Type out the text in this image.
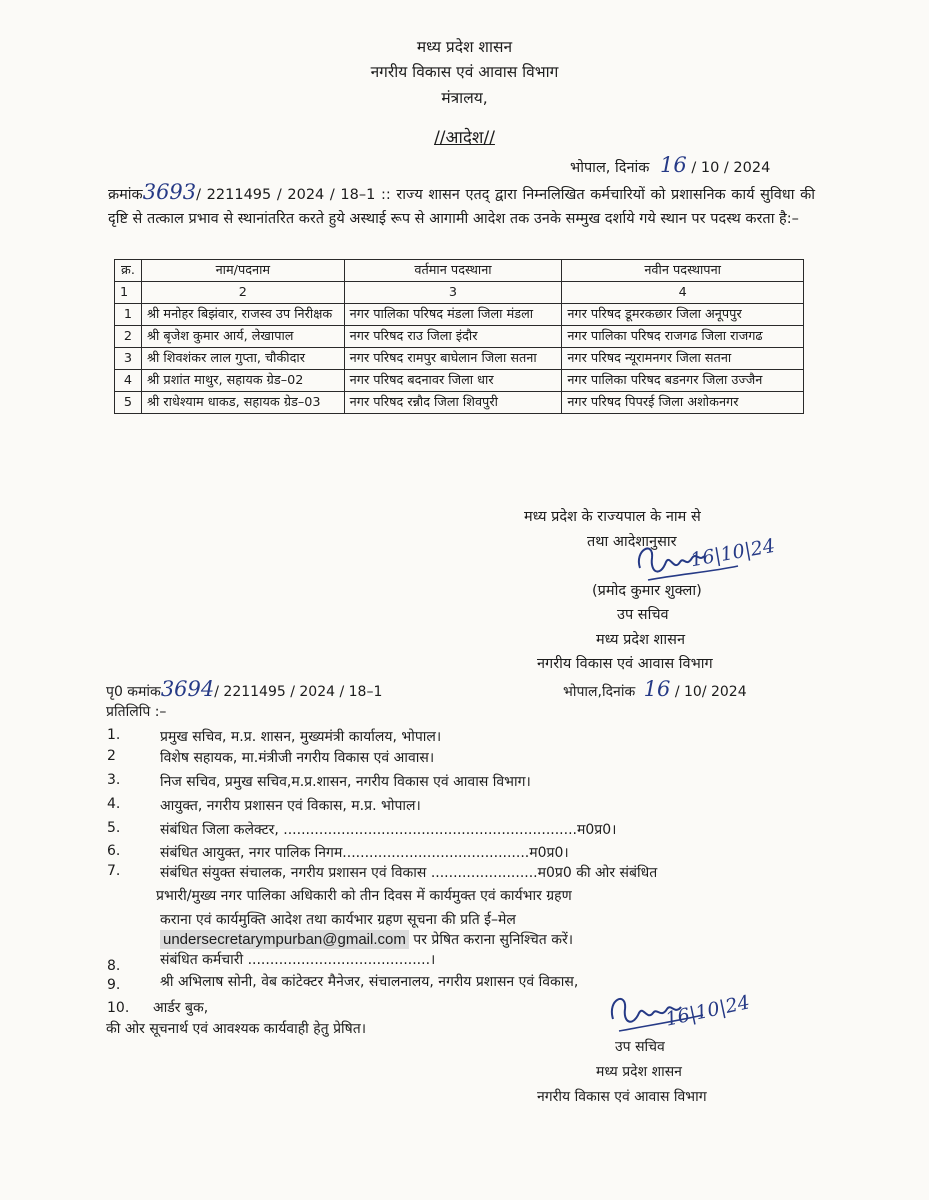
मध्य प्रदेश शासन
नगरीय विकास एवं आवास विभाग
मंत्रालय,
//आदेश//
भोपाल, दिनांक 16 / 10 / 2024
क्रमांक3693/ 2211495 / 2024 / 18–1 :: राज्य शासन एतद् द्वारा निम्नलिखित कर्मचारियों को प्रशासनिक कार्य सुविधा की दृष्टि से तत्काल प्रभाव से स्थानांतरित करते हुये अस्थाई रूप से आगामी आदेश तक उनके सम्मुख दर्शाये गये स्थान पर पदस्थ करता है:–
क्र.	नाम/पदनाम	वर्तमान पदस्थाना	नवीन पदस्थापना
1	2	3	4
1	श्री मनोहर बिझंवार, राजस्व उप निरीक्षक	नगर पालिका परिषद मंडला जिला मंडला	नगर परिषद डूमरकछार जिला अनूपपुर
2	श्री बृजेश कुमार आर्य, लेखापाल	नगर परिषद राउ जिला इंदौर	नगर पालिका परिषद राजगढ जिला राजगढ
3	श्री शिवशंकर लाल गुप्ता, चौकीदार	नगर परिषद रामपुर बाघेलान जिला सतना	नगर परिषद न्यूरामनगर जिला सतना
4	श्री प्रशांत माथुर, सहायक ग्रेड–02	नगर परिषद बदनावर जिला धार	नगर पालिका परिषद बडनगर जिला उज्जैन
5	श्री राधेश्याम धाकड, सहायक ग्रेड–03	नगर परिषद रन्नौद जिला शिवपुरी	नगर परिषद पिपरई जिला अशोकनगर
मध्य प्रदेश के राज्यपाल के नाम से
तथा आदेशानुसार 16|10|24
(प्रमोद कुमार शुक्ला)
उप सचिव
मध्य प्रदेश शासन
नगरीय विकास एवं आवास विभाग
पृ0 कमांक3694/ 2211495 / 2024 / 18–1	भोपाल,दिनांक 16 / 10/ 2024
प्रतिलिपि :–
1.	प्रमुख सचिव, म.प्र. शासन, मुख्यमंत्री कार्यालय, भोपाल।
2	विशेष सहायक, मा.मंत्रीजी नगरीय विकास एवं आवास।
3.	निज सचिव, प्रमुख सचिव,म.प्र.शासन, नगरीय विकास एवं आवास विभाग।
4.	आयुक्त, नगरीय प्रशासन एवं विकास, म.प्र. भोपाल।
5.	संबंधित जिला कलेक्टर, ..................................................................म0प्र0।
6.	संबंधित आयुक्त, नगर पालिक निगम..........................................म0प्र0।
7.	संबंधित संयुक्त संचालक, नगरीय प्रशासन एवं विकास ........................म0प्र0 की ओर संबंधित
प्रभारी/मुख्य नगर पालिका अधिकारी को तीन दिवस में कार्यमुक्त एवं कार्यभार ग्रहण
कराना एवं कार्यमुक्ति आदेश तथा कार्यभार ग्रहण सूचना की प्रति ई–मेल
undersecretarympurban@gmail.com पर प्रेषित कराना सुनिश्चित करें।
8.	संबंधित कर्मचारी .........................................।
9.	श्री अभिलाष सोनी, वेब कांटेक्टर मैनेजर, संचालनालय, नगरीय प्रशासन एवं विकास,
10. आर्डर बुक,
की ओर सूचनार्थ एवं आवश्यक कार्यवाही हेतु प्रेषित।	16|10|24
उप सचिव
मध्य प्रदेश शासन
नगरीय विकास एवं आवास विभाग
